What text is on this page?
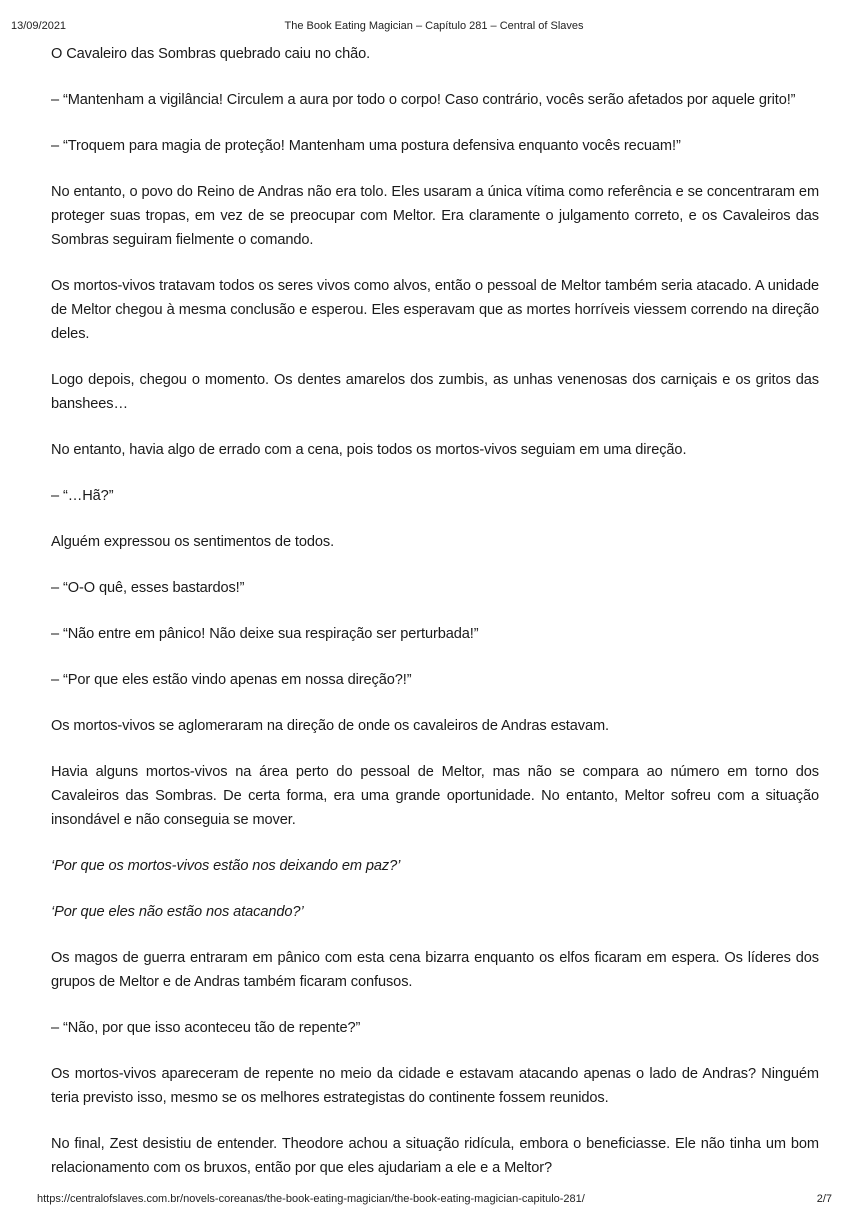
13/09/2021	The Book Eating Magician – Capítulo 281 – Central of Slaves

O Cavaleiro das Sombras quebrado caiu no chão.

– “Mantenham a vigilância! Circulem a aura por todo o corpo! Caso contrário, vocês serão afetados por aquele grito!”

– “Troquem para magia de proteção! Mantenham uma postura defensiva enquanto vocês recuam!”

No entanto, o povo do Reino de Andras não era tolo. Eles usaram a única vítima como referência e se concentraram em proteger suas tropas, em vez de se preocupar com Meltor. Era claramente o julgamento correto, e os Cavaleiros das Sombras seguiram fielmente o comando.

Os mortos-vivos tratavam todos os seres vivos como alvos, então o pessoal de Meltor também seria atacado. A unidade de Meltor chegou à mesma conclusão e esperou. Eles esperavam que as mortes horríveis viessem correndo na direção deles.

Logo depois, chegou o momento. Os dentes amarelos dos zumbis, as unhas venenosas dos carniçais e os gritos das banshees…

No entanto, havia algo de errado com a cena, pois todos os mortos-vivos seguiam em uma direção.

– “…Hã?”

Alguém expressou os sentimentos de todos.

– “O-O quê, esses bastardos!”

– “Não entre em pânico! Não deixe sua respiração ser perturbada!”

– “Por que eles estão vindo apenas em nossa direção?!”

Os mortos-vivos se aglomeraram na direção de onde os cavaleiros de Andras estavam.

Havia alguns mortos-vivos na área perto do pessoal de Meltor, mas não se compara ao número em torno dos Cavaleiros das Sombras. De certa forma, era uma grande oportunidade. No entanto, Meltor sofreu com a situação insondável e não conseguia se mover.

‘Por que os mortos-vivos estão nos deixando em paz?’

‘Por que eles não estão nos atacando?’

Os magos de guerra entraram em pânico com esta cena bizarra enquanto os elfos ficaram em espera. Os líderes dos grupos de Meltor e de Andras também ficaram confusos.

– “Não, por que isso aconteceu tão de repente?”

Os mortos-vivos apareceram de repente no meio da cidade e estavam atacando apenas o lado de Andras? Ninguém teria previsto isso, mesmo se os melhores estrategistas do continente fossem reunidos.

No final, Zest desistiu de entender. Theodore achou a situação ridícula, embora o beneficiasse. Ele não tinha um bom relacionamento com os bruxos, então por que eles ajudariam a ele e a Meltor?

https://centralofslaves.com.br/novels-coreanas/the-book-eating-magician/the-book-eating-magician-capitulo-281/	2/7
